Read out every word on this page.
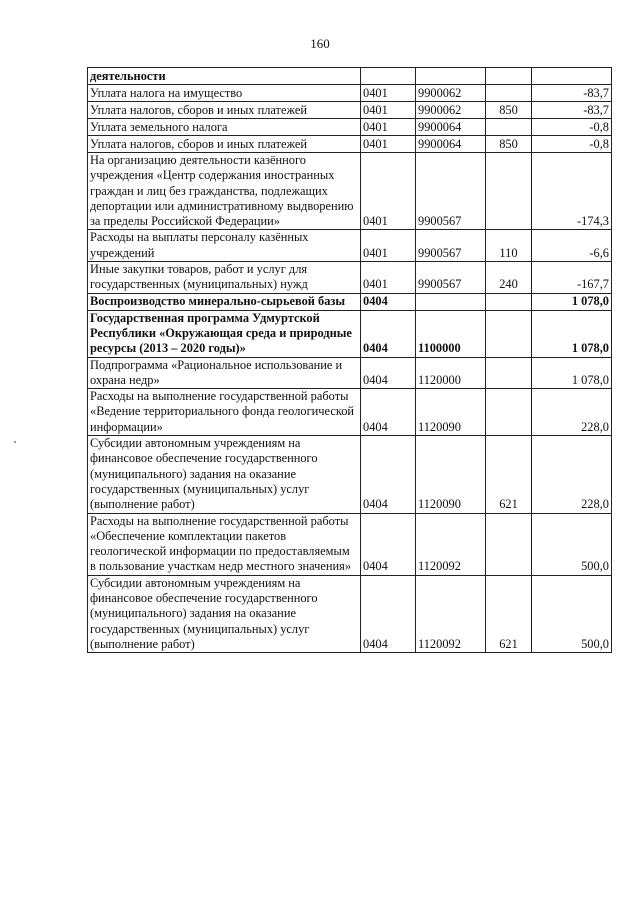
160
деятельности				
Уплата налога на имущество	0401	9900062		-83,7
Уплата налогов, сборов и иных платежей	0401	9900062	850	-83,7
Уплата земельного налога	0401	9900064		-0,8
Уплата налогов, сборов и иных платежей	0401	9900064	850	-0,8
На организацию деятельности казённого учреждения «Центр содержания иностранных граждан и лиц без гражданства, подлежащих депортации или административному выдворению за пределы Российской Федерации»	0401	9900567		-174,3
Расходы на выплаты персоналу казённых учреждений	0401	9900567	110	-6,6
Иные закупки товаров, работ и услуг для государственных (муниципальных) нужд	0401	9900567	240	-167,7
Воспроизводство минерально-сырьевой базы	0404			1 078,0
Государственная программа Удмуртской Республики «Окружающая среда и природные ресурсы (2013 – 2020 годы)»	0404	1100000		1 078,0
Подпрограмма «Рациональное использование и охрана недр»	0404	1120000		1 078,0
Расходы на выполнение государственной работы «Ведение территориального фонда геологической информации»	0404	1120090		228,0
Субсидии автономным учреждениям на финансовое обеспечение государственного (муниципального) задания на оказание государственных (муниципальных) услуг (выполнение работ)	0404	1120090	621	228,0
Расходы на выполнение государственной работы «Обеспечение комплектации пакетов геологической информации по предоставляемым в пользование участкам недр местного значения»	0404	1120092		500,0
Субсидии автономным учреждениям на финансовое обеспечение государственного (муниципального) задания на оказание государственных (муниципальных) услуг (выполнение работ)	0404	1120092	621	500,0
